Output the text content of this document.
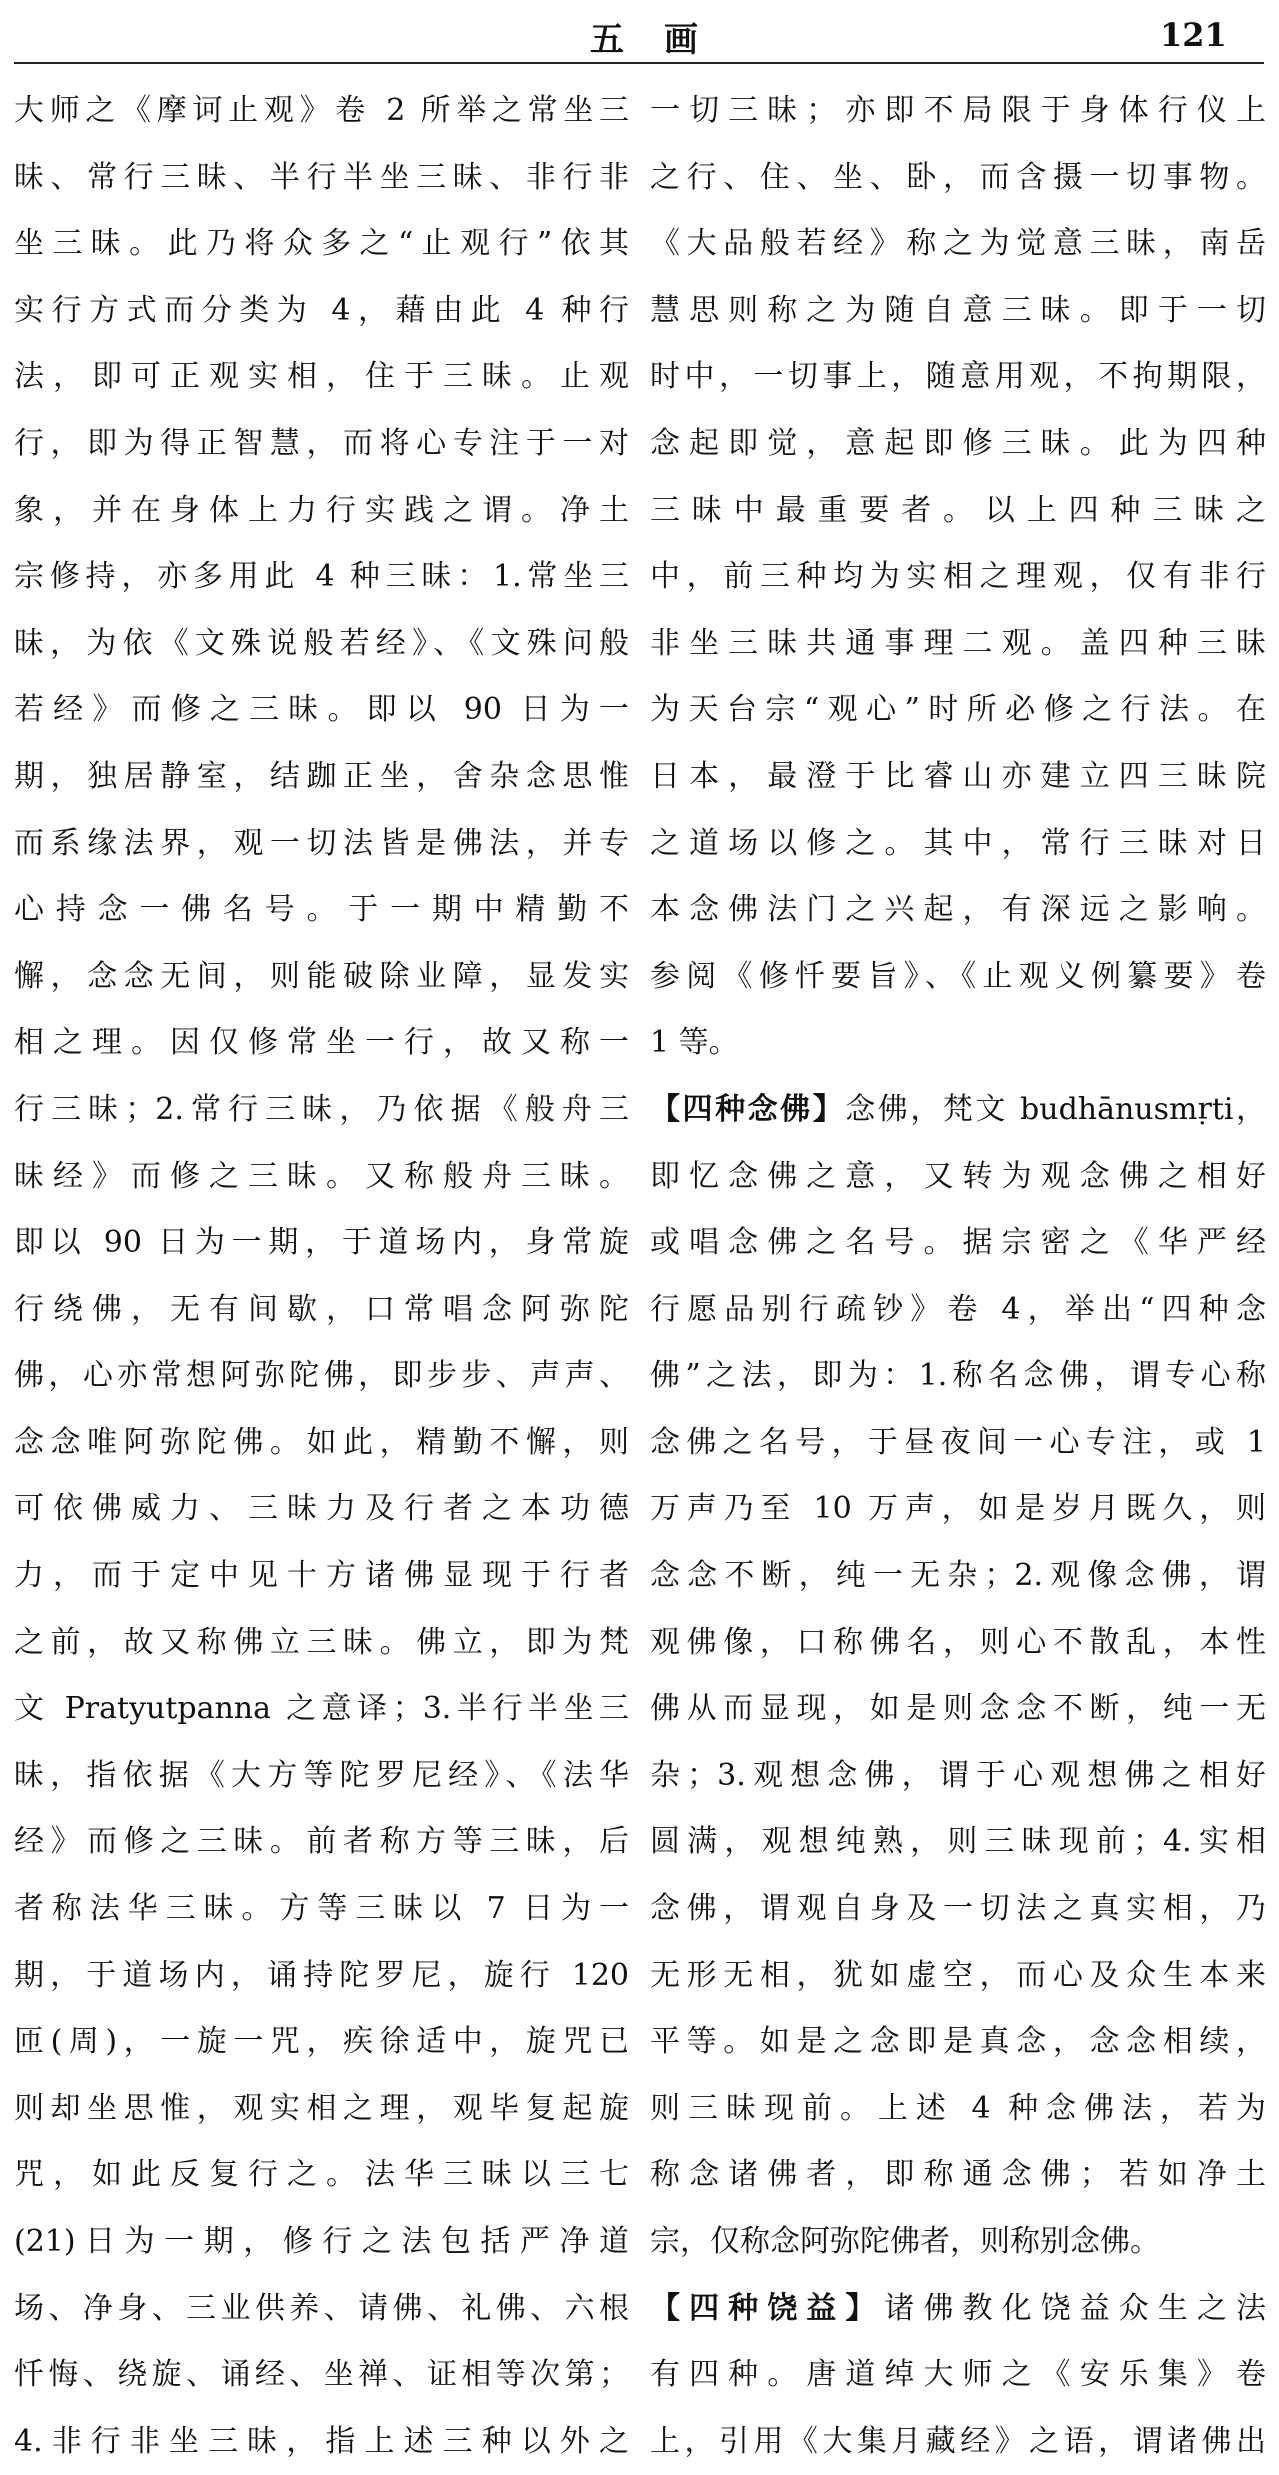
五画	121
大师之《摩诃止观》卷 2 所举之常坐三
昧、常行三昧、半行半坐三昧、非行非
坐三昧。此乃将众多之“止观行”依其
实行方式而分类为 4，藉由此 4 种行
法，即可正观实相，住于三昧。止观
行，即为得正智慧，而将心专注于一对
象，并在身体上力行实践之谓。净土
宗修持，亦多用此 4 种三昧：1.常坐三
昧，为依《文殊说般若经》、《文殊问般
若经》而修之三昧。即以 90 日为一
期，独居静室，结跏正坐，舍杂念思惟
而系缘法界，观一切法皆是佛法，并专
心持念一佛名号。于一期中精勤不
懈，念念无间，则能破除业障，显发实
相之理。因仅修常坐一行，故又称一
行三昧；2.常行三昧，乃依据《般舟三
昧经》而修之三昧。又称般舟三昧。
即以 90 日为一期，于道场内，身常旋
行绕佛，无有间歇，口常唱念阿弥陀
佛，心亦常想阿弥陀佛，即步步、声声、
念念唯阿弥陀佛。如此，精勤不懈，则
可依佛威力、三昧力及行者之本功德
力，而于定中见十方诸佛显现于行者
之前，故又称佛立三昧。佛立，即为梵
文 Pratyutpanna 之意译；3.半行半坐三
昧，指依据《大方等陀罗尼经》、《法华
经》而修之三昧。前者称方等三昧，后
者称法华三昧。方等三昧以 7 日为一
期，于道场内，诵持陀罗尼，旋行 120
匝(周)，一旋一咒，疾徐适中，旋咒已
则却坐思惟，观实相之理，观毕复起旋
咒，如此反复行之。法华三昧以三七
(21)日为一期，修行之法包括严净道
场、净身、三业供养、请佛、礼佛、六根
忏悔、绕旋、诵经、坐禅、证相等次第；
4.非行非坐三昧，指上述三种以外之
一切三昧；亦即不局限于身体行仪上
之行、住、坐、卧，而含摄一切事物。
《大品般若经》称之为觉意三昧，南岳
慧思则称之为随自意三昧。即于一切
时中，一切事上，随意用观，不拘期限，
念起即觉，意起即修三昧。此为四种
三昧中最重要者。以上四种三昧之
中，前三种均为实相之理观，仅有非行
非坐三昧共通事理二观。盖四种三昧
为天台宗“观心”时所必修之行法。在
日本，最澄于比睿山亦建立四三昧院
之道场以修之。其中，常行三昧对日
本念佛法门之兴起，有深远之影响。
参阅《修忏要旨》、《止观义例纂要》卷
1 等。
【四种念佛】念佛，梵文 budhānusmṛti，
即忆念佛之意，又转为观念佛之相好
或唱念佛之名号。据宗密之《华严经
行愿品别行疏钞》卷 4，举出“四种念
佛”之法，即为：1.称名念佛，谓专心称
念佛之名号，于昼夜间一心专注，或 1
万声乃至 10 万声，如是岁月既久，则
念念不断，纯一无杂；2.观像念佛，谓
观佛像，口称佛名，则心不散乱，本性
佛从而显现，如是则念念不断，纯一无
杂；3.观想念佛，谓于心观想佛之相好
圆满，观想纯熟，则三昧现前；4.实相
念佛，谓观自身及一切法之真实相，乃
无形无相，犹如虚空，而心及众生本来
平等。如是之念即是真念，念念相续，
则三昧现前。上述 4 种念佛法，若为
称念诸佛者，即称通念佛；若如净土
宗，仅称念阿弥陀佛者，则称别念佛。
【四种饶益】诸佛教化饶益众生之法
有四种。唐道绰大师之《安乐集》卷
上，引用《大集月藏经》之语，谓诸佛出
